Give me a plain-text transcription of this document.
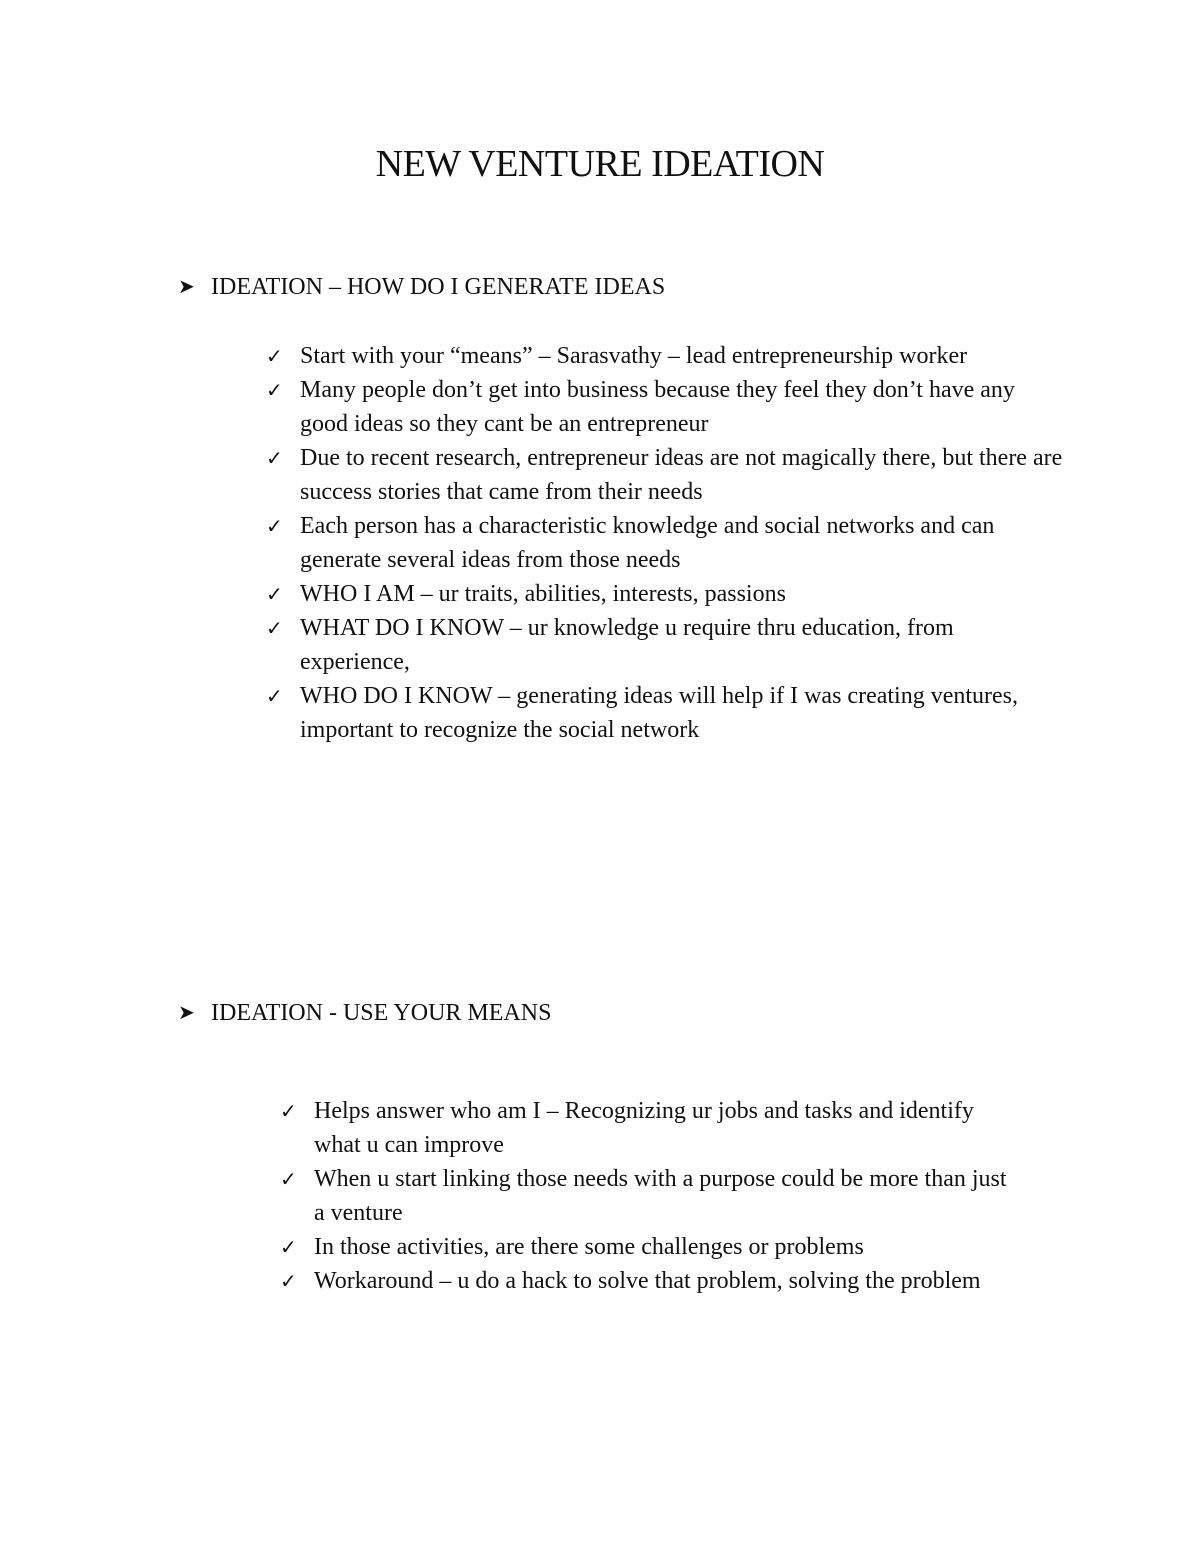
NEW VENTURE IDEATION
➤ IDEATION – HOW DO I GENERATE IDEAS
✓ Start with your “means” – Sarasvathy – lead entrepreneurship worker
✓ Many people don’t get into business because they feel they don’t have any good ideas so they cant be an entrepreneur
✓ Due to recent research, entrepreneur ideas are not magically there, but there are success stories that came from their needs
✓ Each person has a characteristic knowledge and social networks and can generate several ideas from those needs
✓ WHO I AM – ur traits, abilities, interests, passions
✓ WHAT DO I KNOW – ur knowledge u require thru education, from experience,
✓ WHO DO I KNOW – generating ideas will help if I was creating ventures, important to recognize the social network
➤ IDEATION - USE YOUR MEANS
✓ Helps answer who am I – Recognizing ur jobs and tasks and identify what u can improve
✓ When u start linking those needs with a purpose could be more than just a venture
✓ In those activities, are there some challenges or problems
✓ Workaround – u do a hack to solve that problem, solving the problem
